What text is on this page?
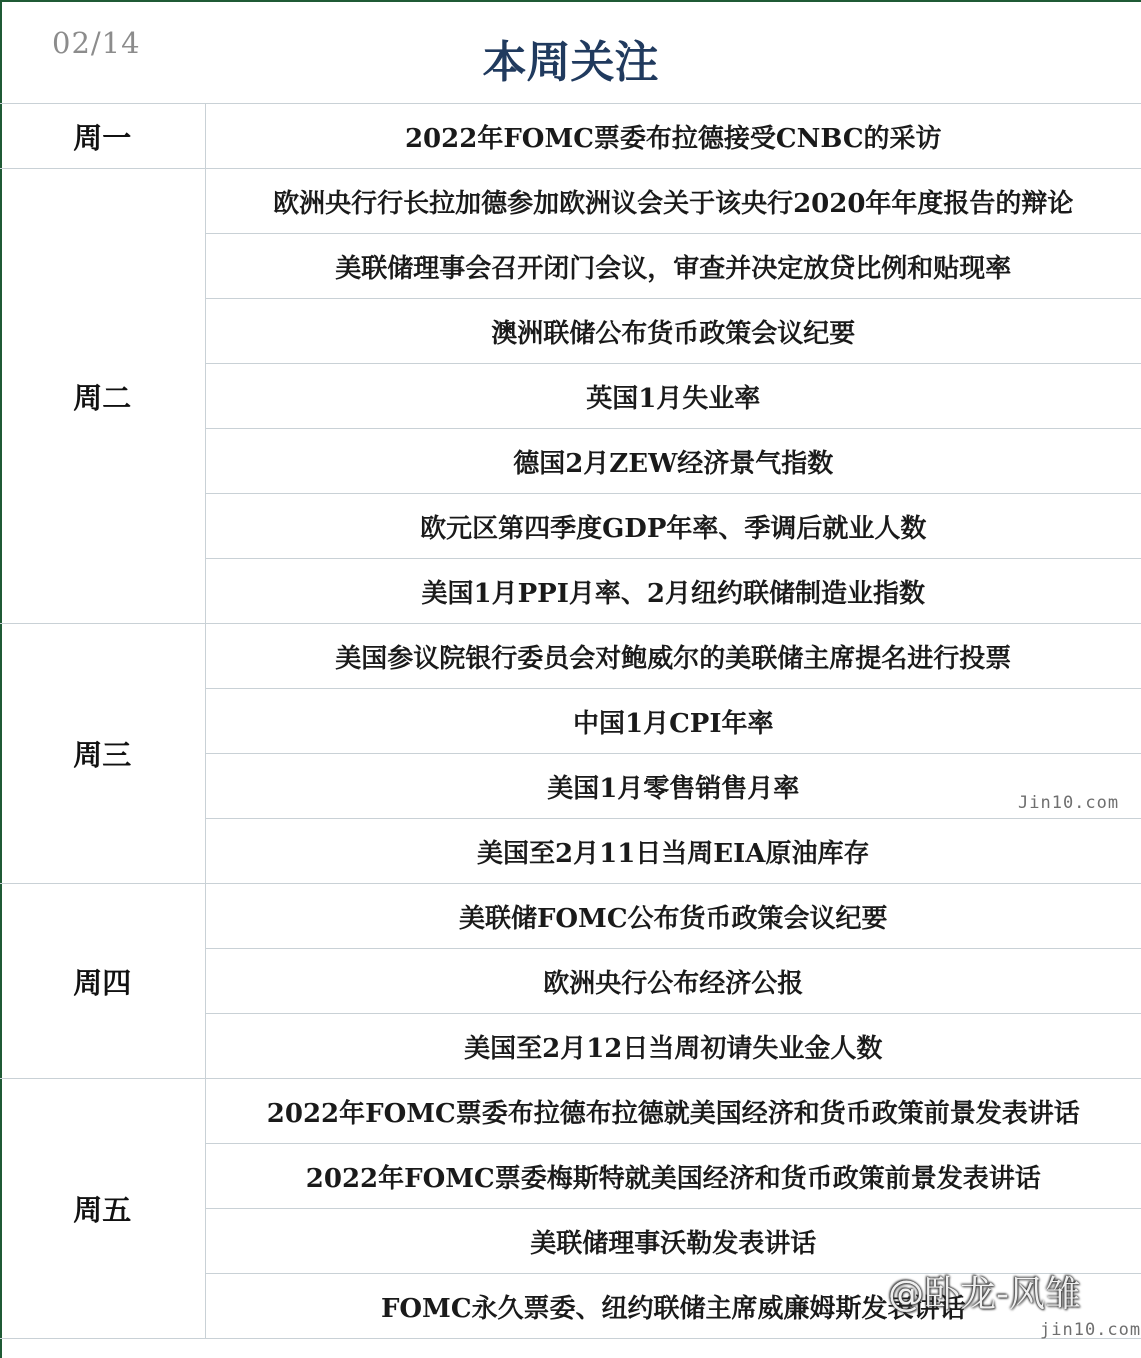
02/14	本周关注
周一	2022年FOMC票委布拉德接受CNBC的采访
周二	欧洲央行行长拉加德参加欧洲议会关于该央行2020年年度报告的辩论
	美联储理事会召开闭门会议，审查并决定放贷比例和贴现率
	澳洲联储公布货币政策会议纪要
	英国1月失业率
	德国2月ZEW经济景气指数
	欧元区第四季度GDP年率、季调后就业人数
	美国1月PPI月率、2月纽约联储制造业指数
周三	美国参议院银行委员会对鲍威尔的美联储主席提名进行投票
	中国1月CPI年率
	美国1月零售销售月率
	美国至2月11日当周EIA原油库存
周四	美联储FOMC公布货币政策会议纪要
	欧洲央行公布经济公报
	美国至2月12日当周初请失业金人数
周五	2022年FOMC票委布拉德布拉德就美国经济和货币政策前景发表讲话
	2022年FOMC票委梅斯特就美国经济和货币政策前景发表讲话
	美联储理事沃勒发表讲话
	FOMC永久票委、纽约联储主席威廉姆斯发表讲话
Jin10.com
jin10.com
@卧龙-风雏
